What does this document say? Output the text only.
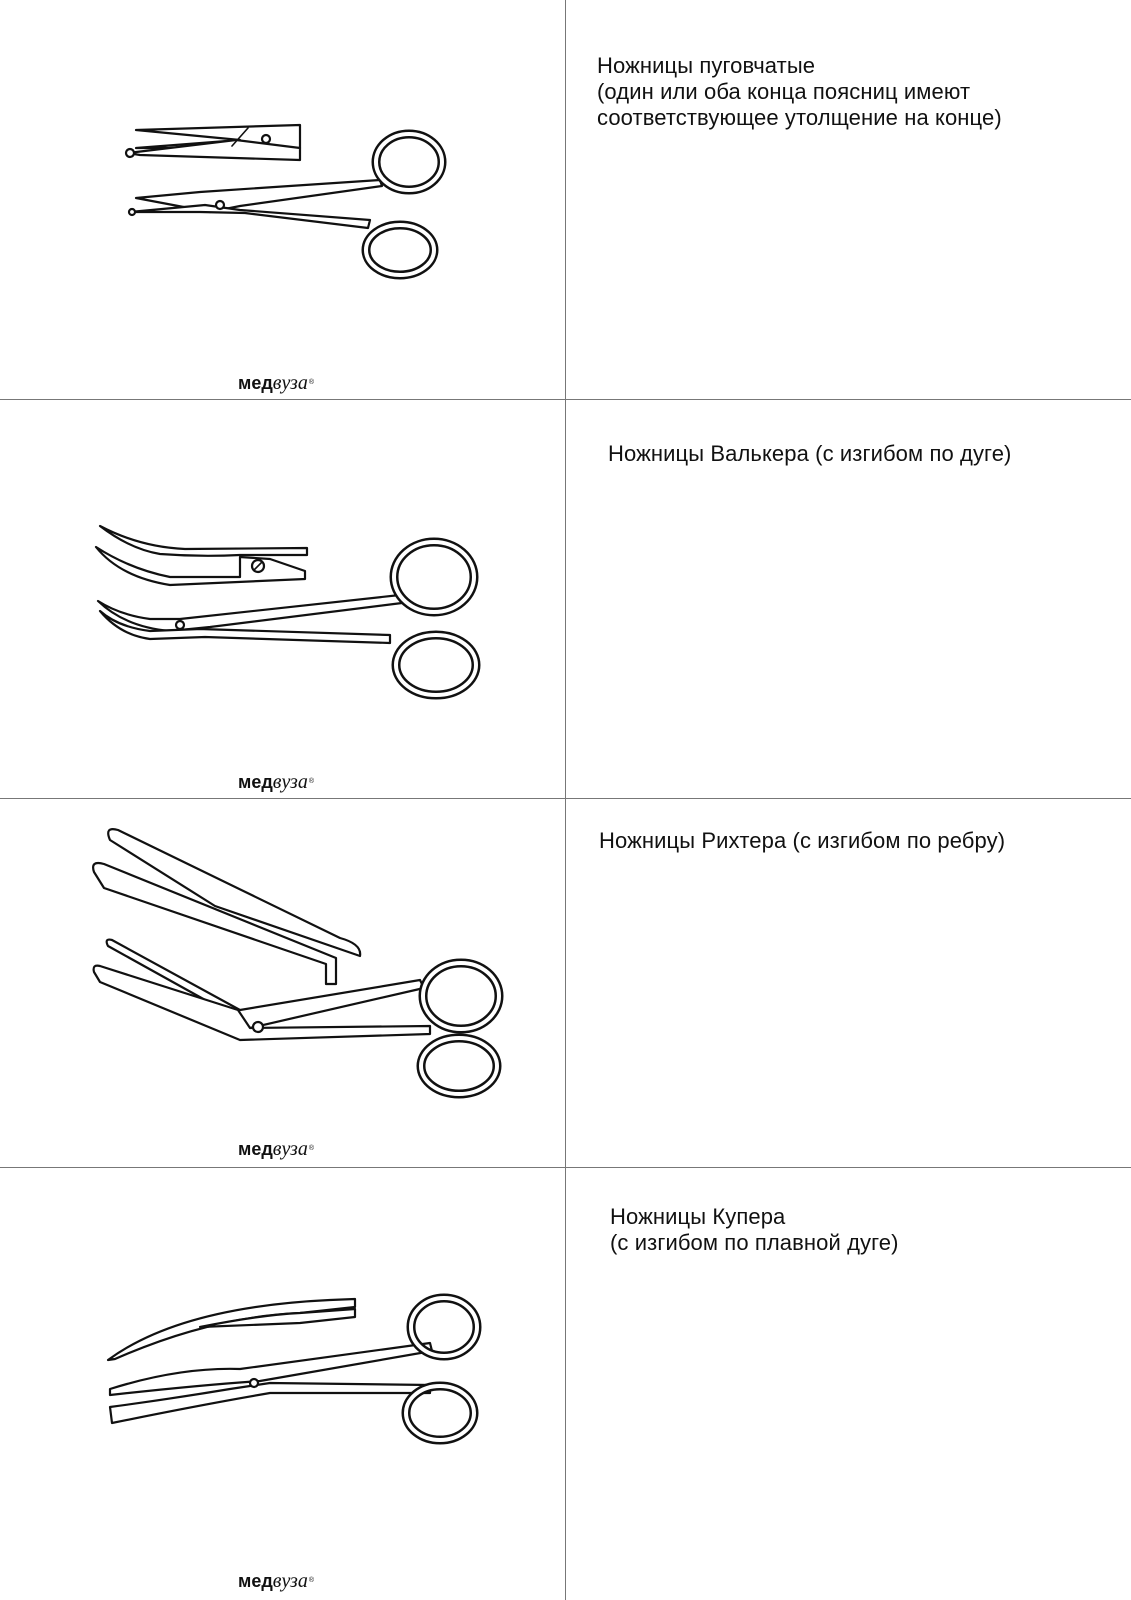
медвуза®
Ножницы пуговчатые
(один или оба конца поясниц имеют
соответствующее утолщение на конце)
медвуза®
Ножницы Валькера (с изгибом по дуге)
медвуза®
Ножницы Рихтера (с изгибом по ребру)
медвуза®
Ножницы Купера
(с изгибом по плавной дуге)
